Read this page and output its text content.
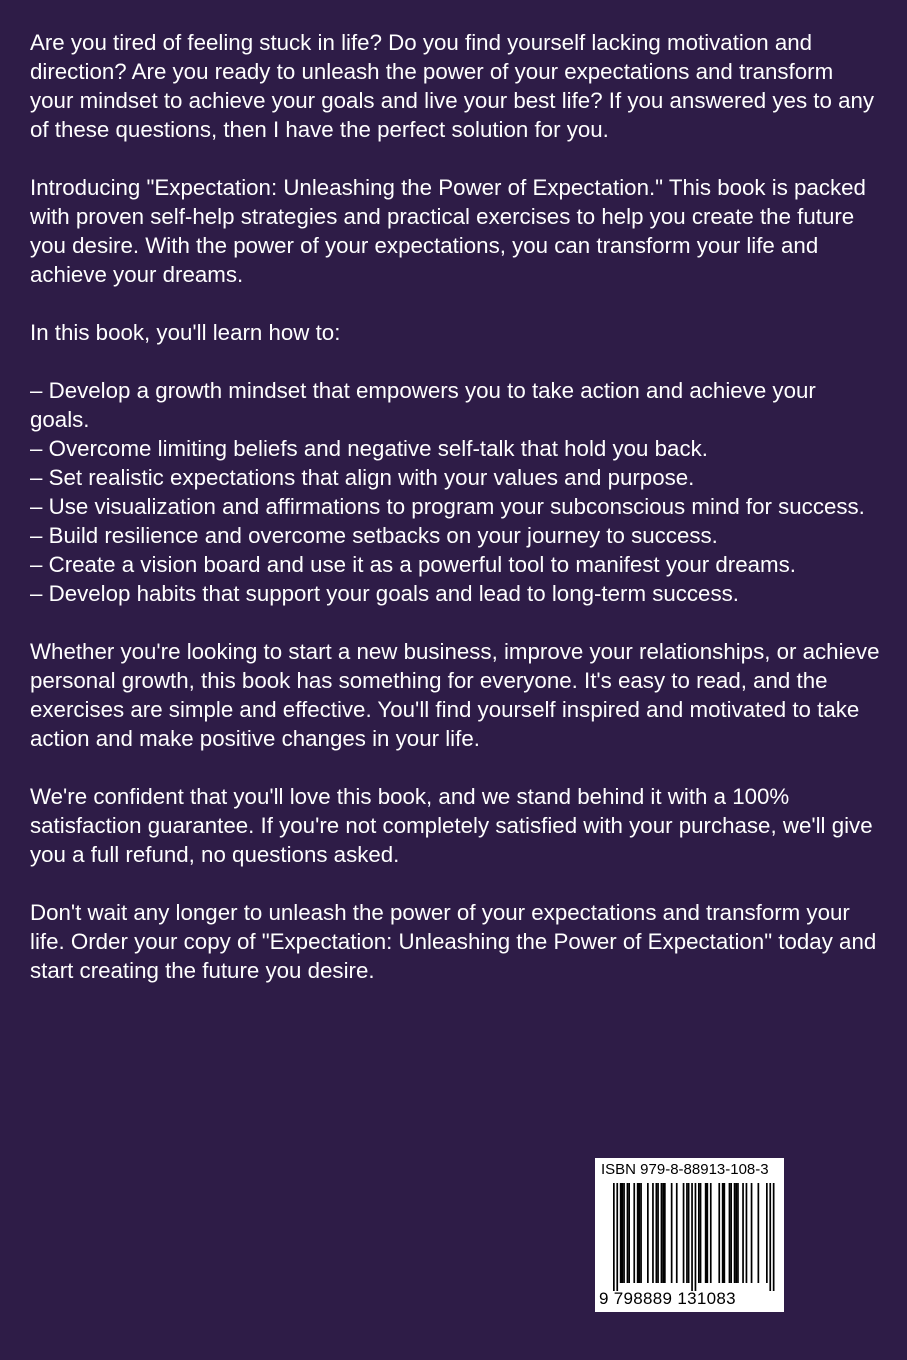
Are you tired of feeling stuck in life? Do you find yourself lacking motivation and direction? Are you ready to unleash the power of your expectations and transform your mindset to achieve your goals and live your best life? If you answered yes to any of these questions, then I have the perfect solution for you.

Introducing "Expectation: Unleashing the Power of Expectation." This book is packed with proven self-help strategies and practical exercises to help you create the future you desire. With the power of your expectations, you can transform your life and achieve your dreams.

In this book, you'll learn how to:

– Develop a growth mindset that empowers you to take action and achieve your goals.
– Overcome limiting beliefs and negative self-talk that hold you back.
– Set realistic expectations that align with your values and purpose.
– Use visualization and affirmations to program your subconscious mind for success.
– Build resilience and overcome setbacks on your journey to success.
– Create a vision board and use it as a powerful tool to manifest your dreams.
– Develop habits that support your goals and lead to long-term success.

Whether you're looking to start a new business, improve your relationships, or achieve personal growth, this book has something for everyone. It's easy to read, and the exercises are simple and effective. You'll find yourself inspired and motivated to take action and make positive changes in your life.

We're confident that you'll love this book, and we stand behind it with a 100% satisfaction guarantee. If you're not completely satisfied with your purchase, we'll give you a full refund, no questions asked.

Don't wait any longer to unleash the power of your expectations and transform your life. Order your copy of "Expectation: Unleashing the Power of Expectation" today and start creating the future you desire.

ISBN 979-8-88913-108-3
9 798889 131083
